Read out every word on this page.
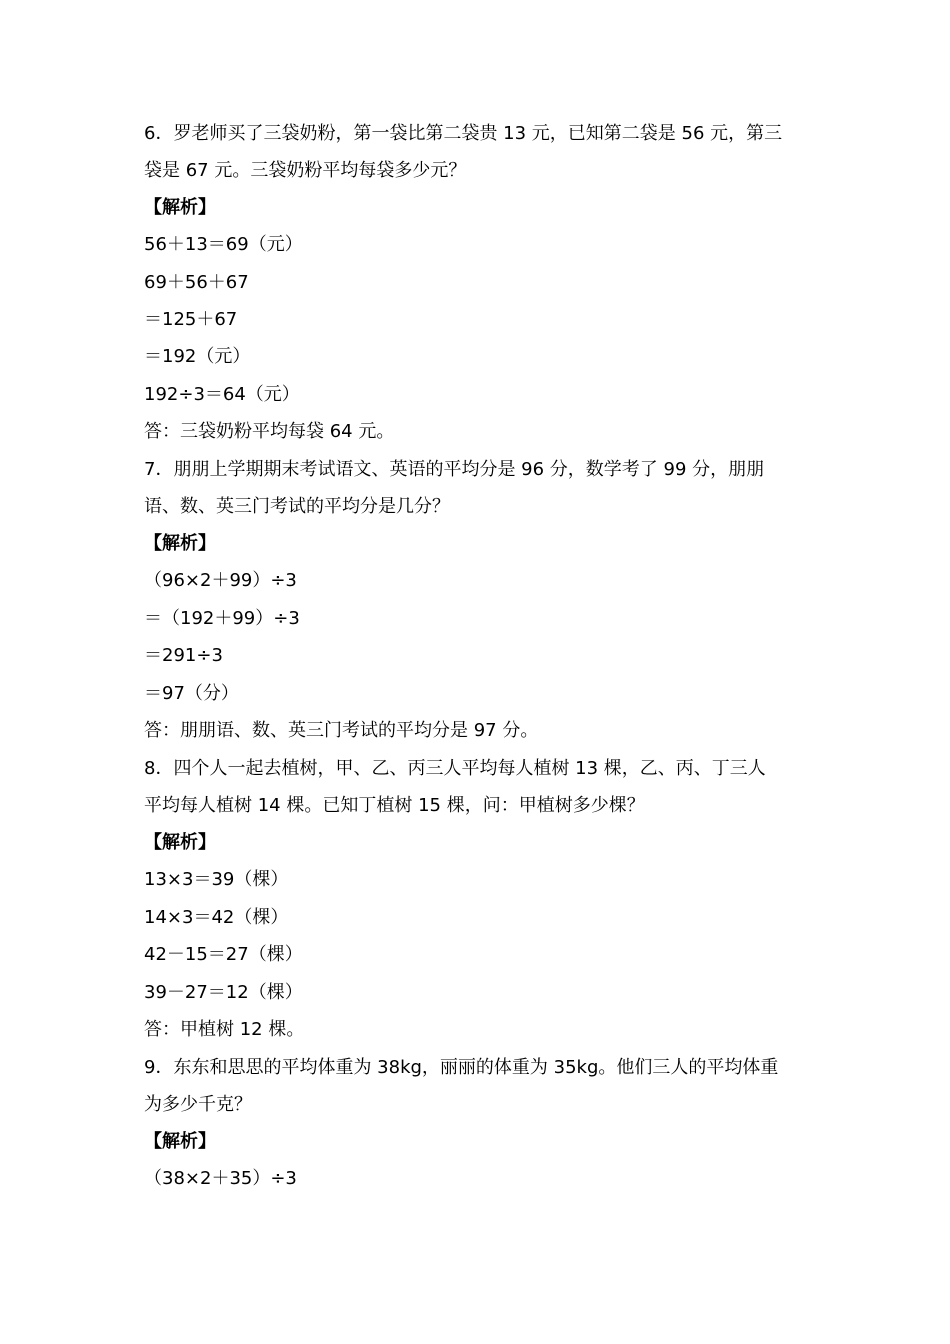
6．罗老师买了三袋奶粉，第一袋比第二袋贵 13 元，已知第二袋是 56 元，第三
袋是 67 元。三袋奶粉平均每袋多少元？
【解析】
56＋13＝69（元）
69＋56＋67
＝125＋67
＝192（元）
192÷3＝64（元）
答：三袋奶粉平均每袋 64 元。
7．朋朋上学期期末考试语文、英语的平均分是 96 分，数学考了 99 分，朋朋
语、数、英三门考试的平均分是几分？
【解析】
（96×2＋99）÷3
＝（192＋99）÷3
＝291÷3
＝97（分）
答：朋朋语、数、英三门考试的平均分是 97 分。
8．四个人一起去植树，甲、乙、丙三人平均每人植树 13 棵，乙、丙、丁三人
平均每人植树 14 棵。已知丁植树 15 棵，问：甲植树多少棵？
【解析】
13×3＝39（棵）
14×3＝42（棵）
42－15＝27（棵）
39－27＝12（棵）
答：甲植树 12 棵。
9．东东和思思的平均体重为 38kg，丽丽的体重为 35kg。他们三人的平均体重
为多少千克？
【解析】
（38×2＋35）÷3
